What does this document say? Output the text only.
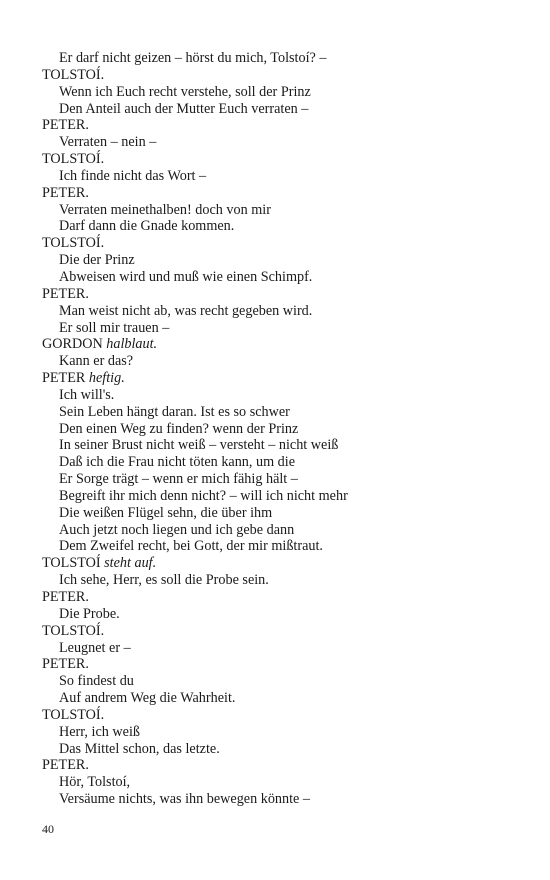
Er darf nicht geizen – hörst du mich, Tolstoí? –
TOLSTOÍ.
Wenn ich Euch recht verstehe, soll der Prinz
Den Anteil auch der Mutter Euch verraten –
PETER.
Verraten – nein –
TOLSTOÍ.
Ich finde nicht das Wort –
PETER.
Verraten meinethalben! doch von mir
Darf dann die Gnade kommen.
TOLSTOÍ.
Die der Prinz
Abweisen wird und muß wie einen Schimpf.
PETER.
Man weist nicht ab, was recht gegeben wird.
Er soll mir trauen –
GORDON halblaut.
Kann er das?
PETER heftig.
Ich will's.
Sein Leben hängt daran. Ist es so schwer
Den einen Weg zu finden? wenn der Prinz
In seiner Brust nicht weiß – versteht – nicht weiß
Daß ich die Frau nicht töten kann, um die
Er Sorge trägt – wenn er mich fähig hält –
Begreift ihr mich denn nicht? – will ich nicht mehr
Die weißen Flügel sehn, die über ihm
Auch jetzt noch liegen und ich gebe dann
Dem Zweifel recht, bei Gott, der mir mißtraut.
TOLSTOÍ steht auf.
Ich sehe, Herr, es soll die Probe sein.
PETER.
Die Probe.
TOLSTOÍ.
Leugnet er –
PETER.
So findest du
Auf andrem Weg die Wahrheit.
TOLSTOÍ.
Herr, ich weiß
Das Mittel schon, das letzte.
PETER.
Hör, Tolstoí,
Versäume nichts, was ihn bewegen könnte –
40
